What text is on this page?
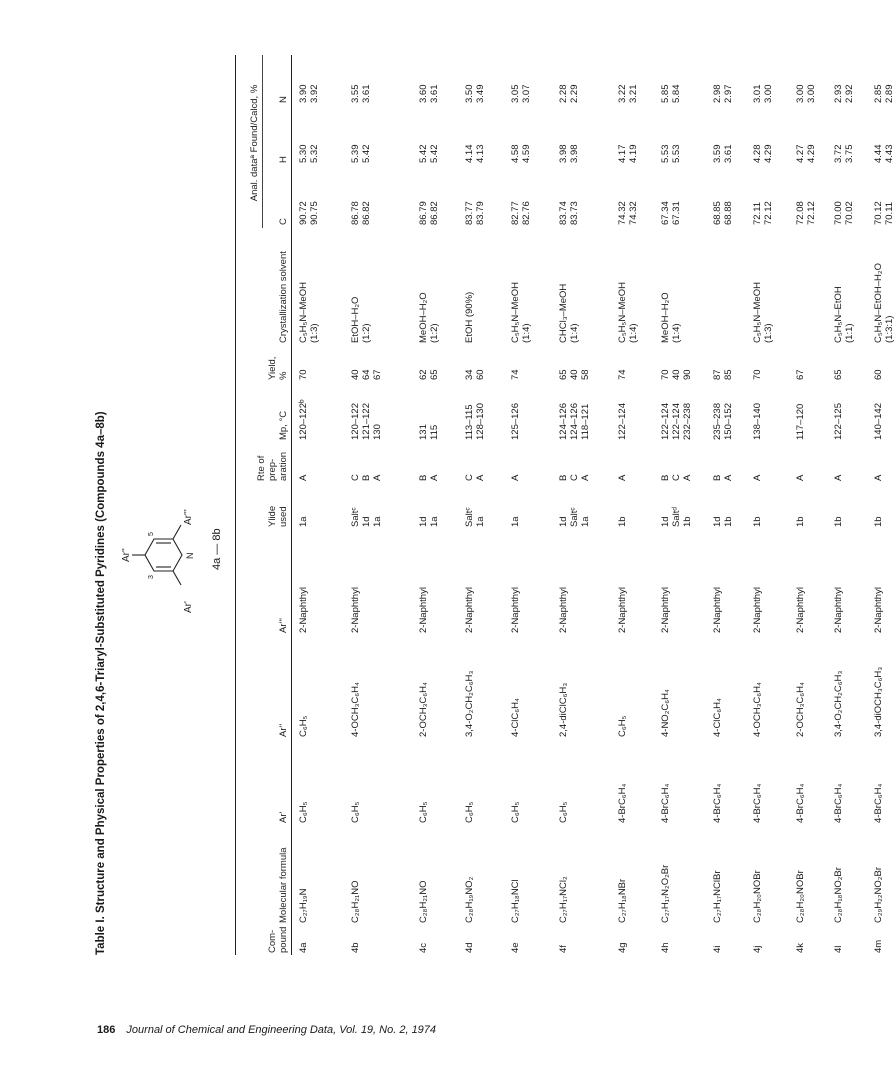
186 Journal of Chemical and Engineering Data, Vol. 19, No. 2, 1974
Table I. Structure and Physical Properties of 2,4,6-Triaryl-Substituted Pyridines (Compounds 4a–8b) Ar''
Ar'
Ar'''
3
5
N 4a — 8b
Anal. dataª Found/Calcd, %
Com- pound
Molecular formula
Ar'
Ar''
Ar'''
Ylide used
Rte of prep- aration
Mp, °C
Yield, %
Crystallization solvent
C
H
N
4a
C₂₇H₁₉N
C₆H₅
C₆H₅
2-Naphthyl
1a
A
120–122ᵇ
70
C₅H₅N–MeOH (1:3)
90.72 90.75
5.30 5.32
3.90 3.92
4b
C₂₈H₂₁NO
C₆H₅
4-OCH₃C₆H₄
2-Naphthyl
Saltᶜ 1d 1a
C B A
120–122 121–122 130
40 64 67
EtOH–H₂O (1:2)
86.78 86.82
5.39 5.42
3.55 3.61
4c
C₂₈H₂₁NO
C₆H₅
2-OCH₃C₆H₄
2-Naphthyl
1d 1a
B A
131 115
62 65
MeOH–H₂O (1:2)
86.79 86.82
5.42 5.42
3.60 3.61
4d
C₂₈H₁₉NO₂
C₆H₅
3,4-O₂CH₂C₆H₃
2-Naphthyl
Saltᶜ 1a
C A
113–115 128–130
34 60
EtOH (90%)
83.77 83.79
4.14 4.13
3.50 3.49
4e
C₂₇H₁₈NCl
C₆H₅
4-ClC₆H₄
2-Naphthyl
1a
A
125–126
74
C₅H₅N–MeOH (1:4)
82.77 82.76
4.58 4.59
3.05 3.07
4f
C₂₇H₁₇NCl₂
C₆H₅
2,4-diClC₆H₃
2-Naphthyl
1d Saltᶜ 1a
B C A
124–126 124–126 118–121
65 40 58
CHCl₃–MeOH (1:4)
83.74 83.73
3.98 3.98
2.28 2.29
4g
C₂₇H₁₈NBr
4-BrC₆H₄
C₆H₅
2-Naphthyl
1b
A
122–124
74
C₅H₅N–MeOH (1:4)
74.32 74.32
4.17 4.19
3.22 3.21
4h
C₂₇H₁₇N₂O₂Br
4-BrC₆H₄
4-NO₂C₆H₄
2-Naphthyl
1d Saltᵈ 1b
B C A
122–124 122–124 232–238
70 40 90
MeOH–H₂O (1:4)
67.34 67.31
5.53 5.53
5.85 5.84
4i
C₂₇H₁₇NClBr
4-BrC₆H₄
4-ClC₆H₄
2-Naphthyl
1d 1b
B A
235–238 150–152
87 85
68.85 68.88
3.59 3.61
2.98 2.97
4j
C₂₈H₂₀NOBr
4-BrC₆H₄
4-OCH₃C₆H₄
2-Naphthyl
1b
A
138–140
70
C₅H₅N–MeOH (1:3)
72.11 72.12
4.28 4.29
3.01 3.00
4k
C₂₈H₂₀NOBr
4-BrC₆H₄
2-OCH₃C₆H₄
2-Naphthyl
1b
A
117–120
67
72.08 72.12
4.27 4.29
3.00 3.00
4l
C₂₈H₁₈NO₂Br
4-BrC₆H₄
3,4-O₂CH₂C₆H₃
2-Naphthyl
1b
A
122–125
65
C₅H₅N–EtOH (1:1)
70.00 70.02
3.72 3.75
2.93 2.92
4m
C₂₉H₂₂NO₂Br
4-BrC₆H₄
3,4-diOCH₃C₆H₃
2-Naphthyl
1b
A
140–142
60
C₅H₅N–EtOH–H₂O (1:3:1)
70.12 70.11
4.44 4.43
2.85 2.89
